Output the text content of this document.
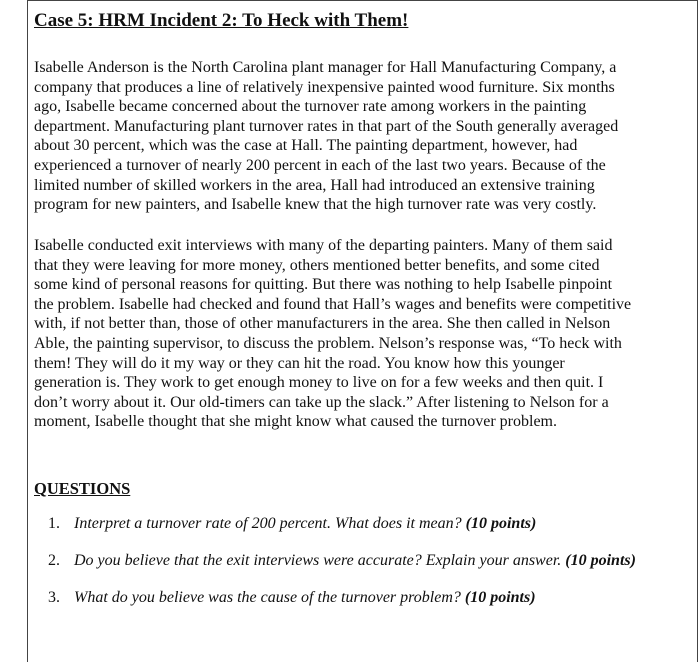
Case 5: HRM Incident 2: To Heck with Them!
Isabelle Anderson is the North Carolina plant manager for Hall Manufacturing Company, a
company that produces a line of relatively inexpensive painted wood furniture. Six months
ago, Isabelle became concerned about the turnover rate among workers in the painting
department. Manufacturing plant turnover rates in that part of the South generally averaged
about 30 percent, which was the case at Hall. The painting department, however, had
experienced a turnover of nearly 200 percent in each of the last two years. Because of the
limited number of skilled workers in the area, Hall had introduced an extensive training
program for new painters, and Isabelle knew that the high turnover rate was very costly.
Isabelle conducted exit interviews with many of the departing painters. Many of them said
that they were leaving for more money, others mentioned better benefits, and some cited
some kind of personal reasons for quitting. But there was nothing to help Isabelle pinpoint
the problem. Isabelle had checked and found that Hall’s wages and benefits were competitive
with, if not better than, those of other manufacturers in the area. She then called in Nelson
Able, the painting supervisor, to discuss the problem. Nelson’s response was, “To heck with
them! They will do it my way or they can hit the road. You know how this younger
generation is. They work to get enough money to live on for a few weeks and then quit. I
don’t worry about it. Our old-timers can take up the slack.” After listening to Nelson for a
moment, Isabelle thought that she might know what caused the turnover problem.
QUESTIONS
1. Interpret a turnover rate of 200 percent. What does it mean? (10 points)
2. Do you believe that the exit interviews were accurate? Explain your answer. (10 points)
3. What do you believe was the cause of the turnover problem? (10 points)
